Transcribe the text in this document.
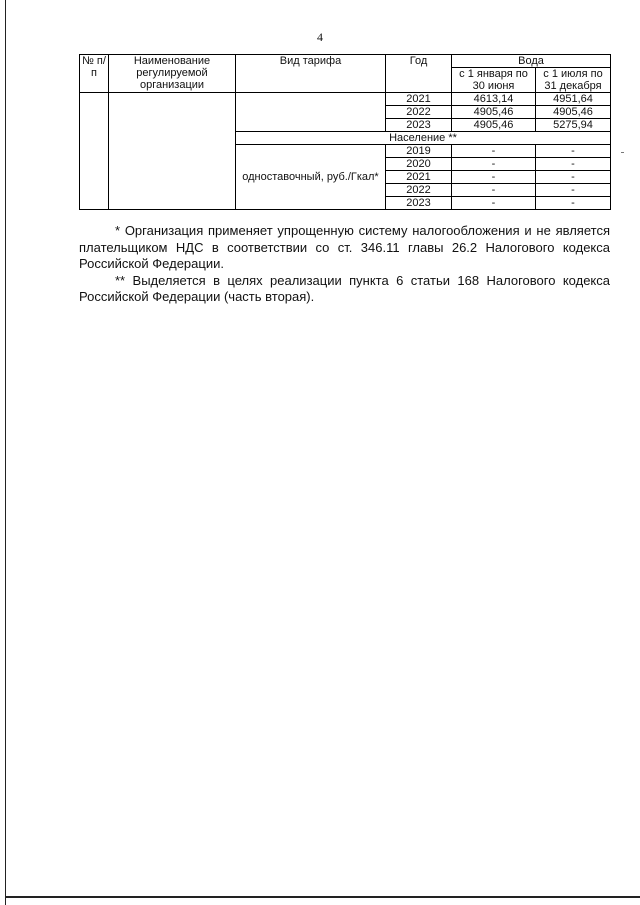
4
№ п/п	Наименование регулируемой организации	Вид тарифа	Год	Вода	
				с 1 января по 30 июня	с 1 июля по 31 декабря
			2021	4613,14	4951,64
			2022	4905,46	4905,46
			2023	4905,46	5275,94
		Население **			
		одноставочный, руб./Гкал*	2019	-	-
			2020	-	-
			2021	-	-
			2022	-	-
			2023	-	-

* Организация применяет упрощенную систему налогообложения и не является плательщиком НДС в соответствии со ст. 346.11 главы 26.2 Налогового кодекса Российской Федерации.

** Выделяется в целях реализации пункта 6 статьи 168 Налогового кодекса Российской Федерации (часть вторая).
